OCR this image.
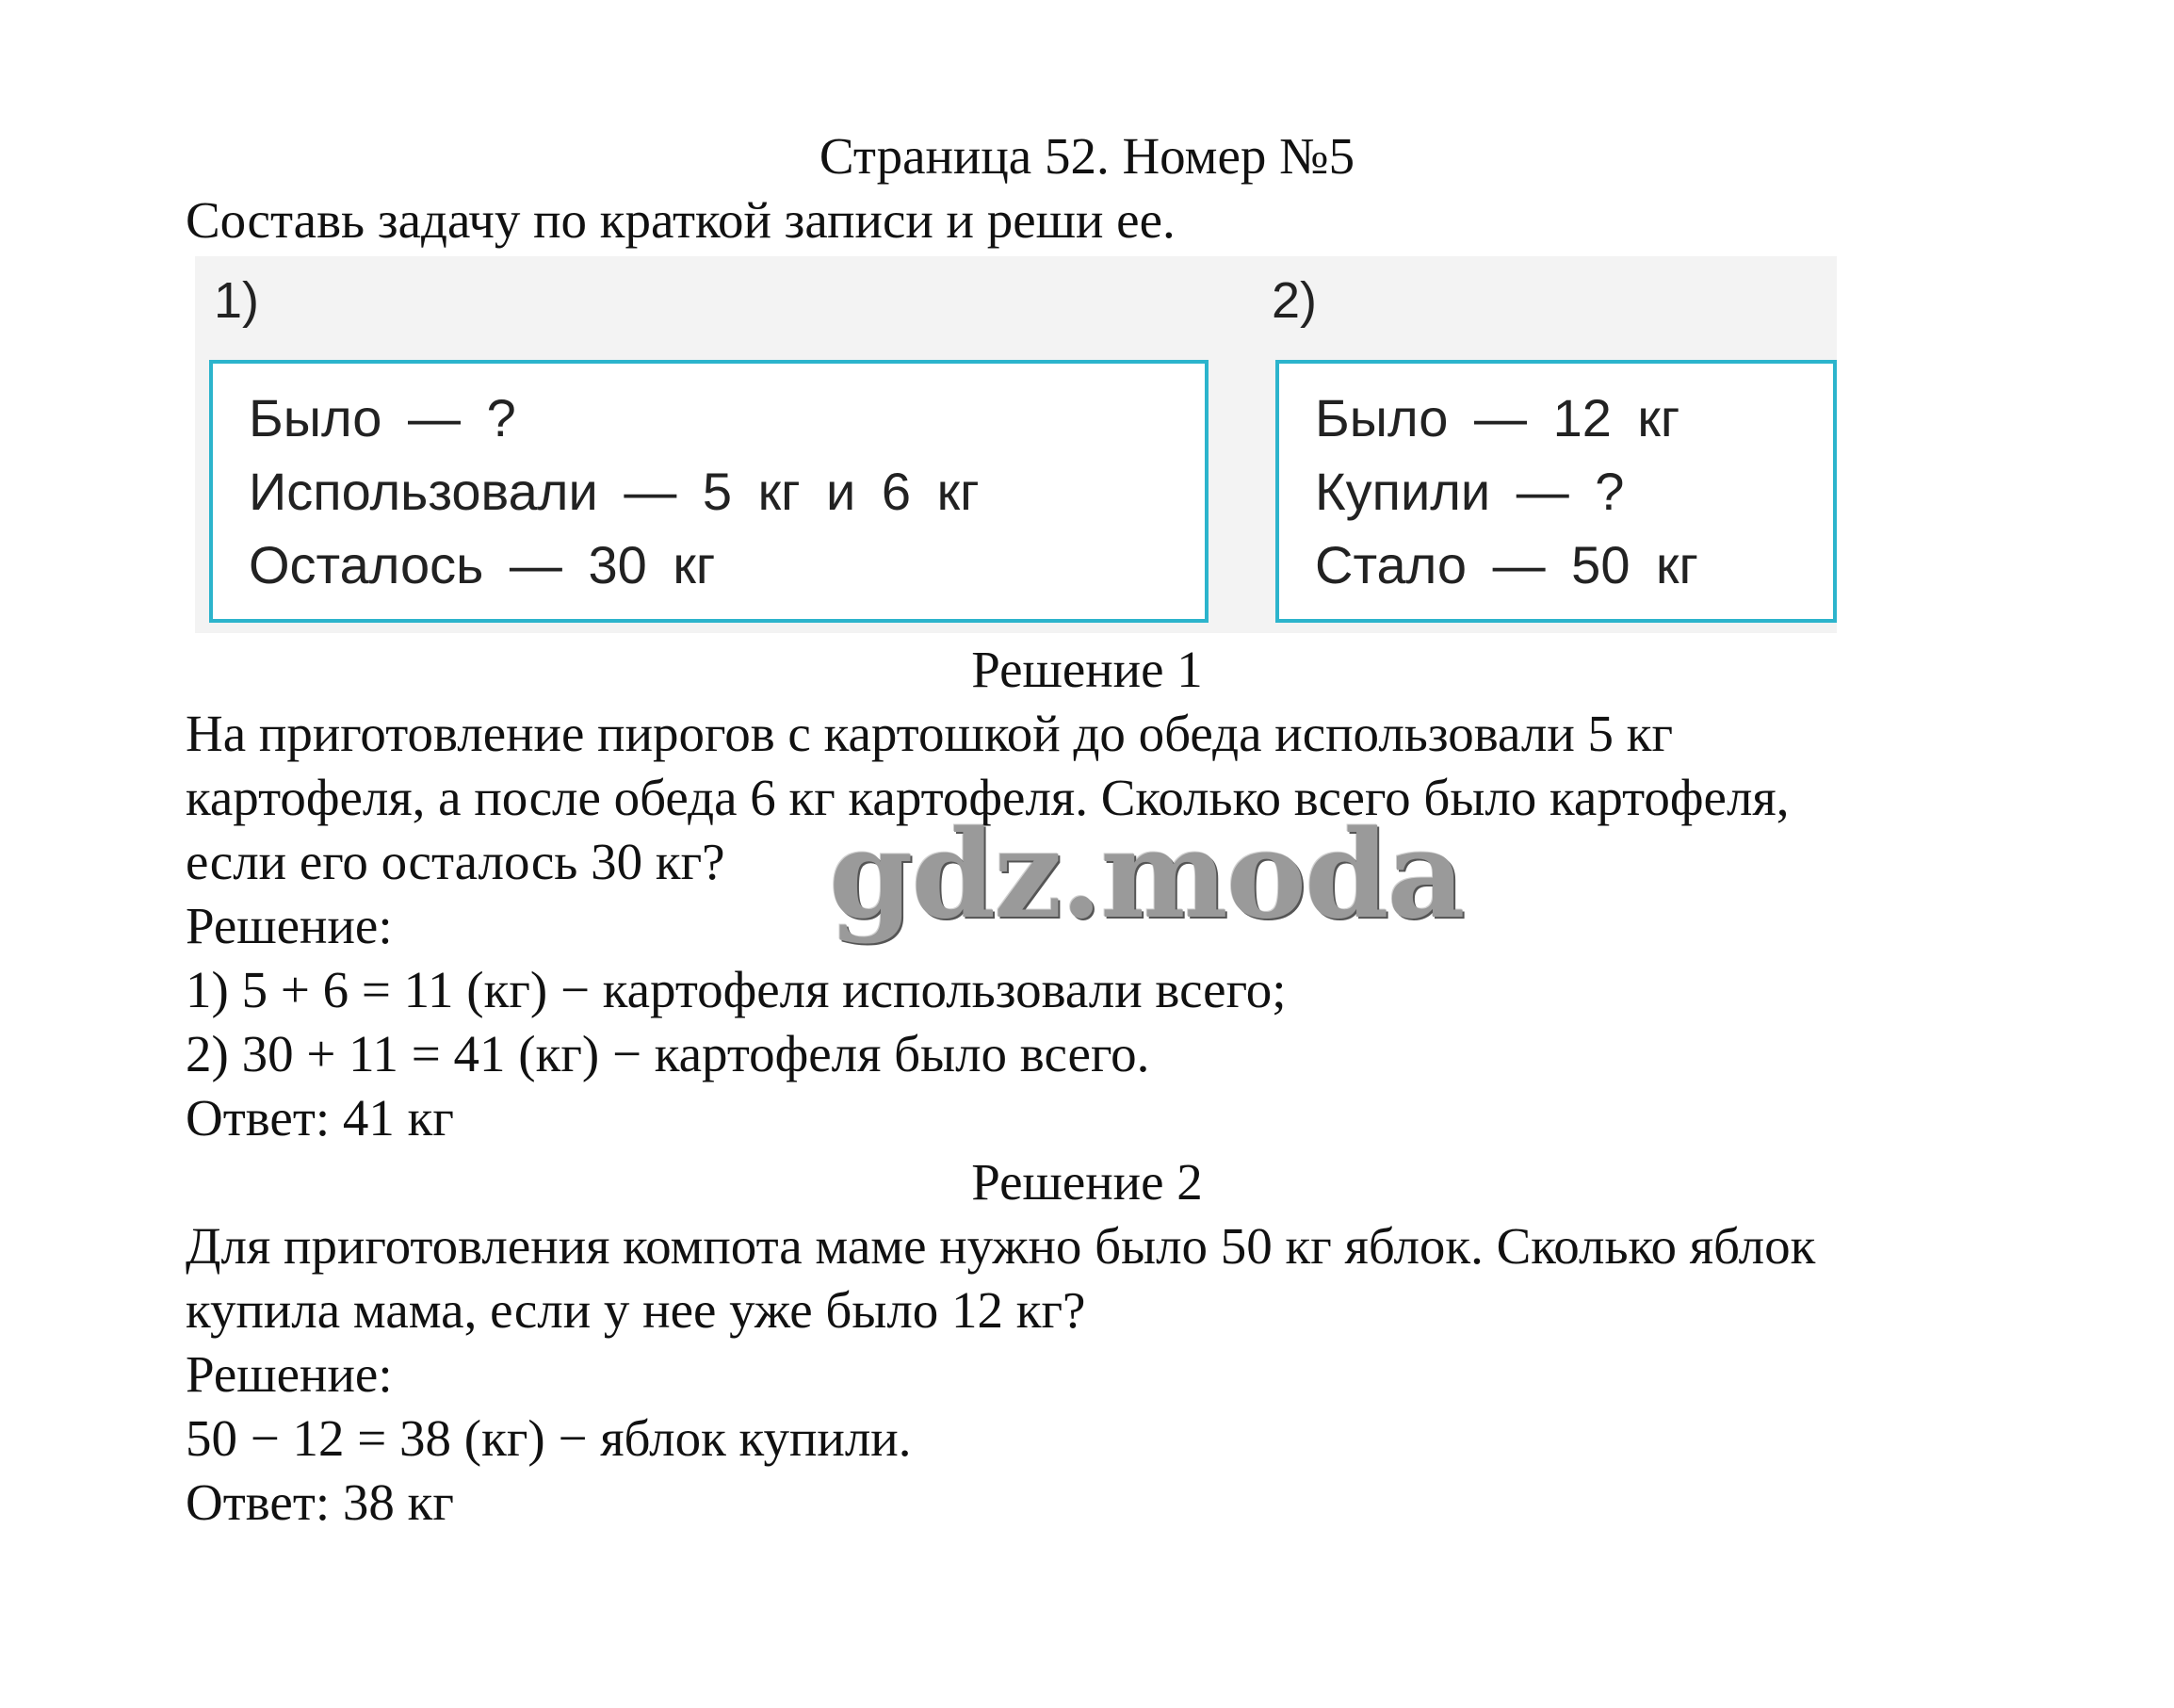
Страница 52. Номер №5
Составь задачу по краткой записи и реши ее.
1)	2)
Было — ?
Использовали — 5 кг и 6 кг
Осталось — 30 кг
Было — 12 кг
Купили — ?
Стало — 50 кг
Решение 1
На приготовление пирогов с картошкой до обеда использовали 5 кг
картофеля, а после обеда 6 кг картофеля. Сколько всего было картофеля,
если его осталось 30 кг?
Решение:
1) 5 + 6 = 11 (кг) − картофеля использовали всего;
2) 30 + 11 = 41 (кг) − картофеля было всего.
Ответ: 41 кг
Решение 2
Для приготовления компота маме нужно было 50 кг яблок. Сколько яблок
купила мама, если у нее уже было 12 кг?
Решение:
50 − 12 = 38 (кг) − яблок купили.
Ответ: 38 кг
gdz.moda
